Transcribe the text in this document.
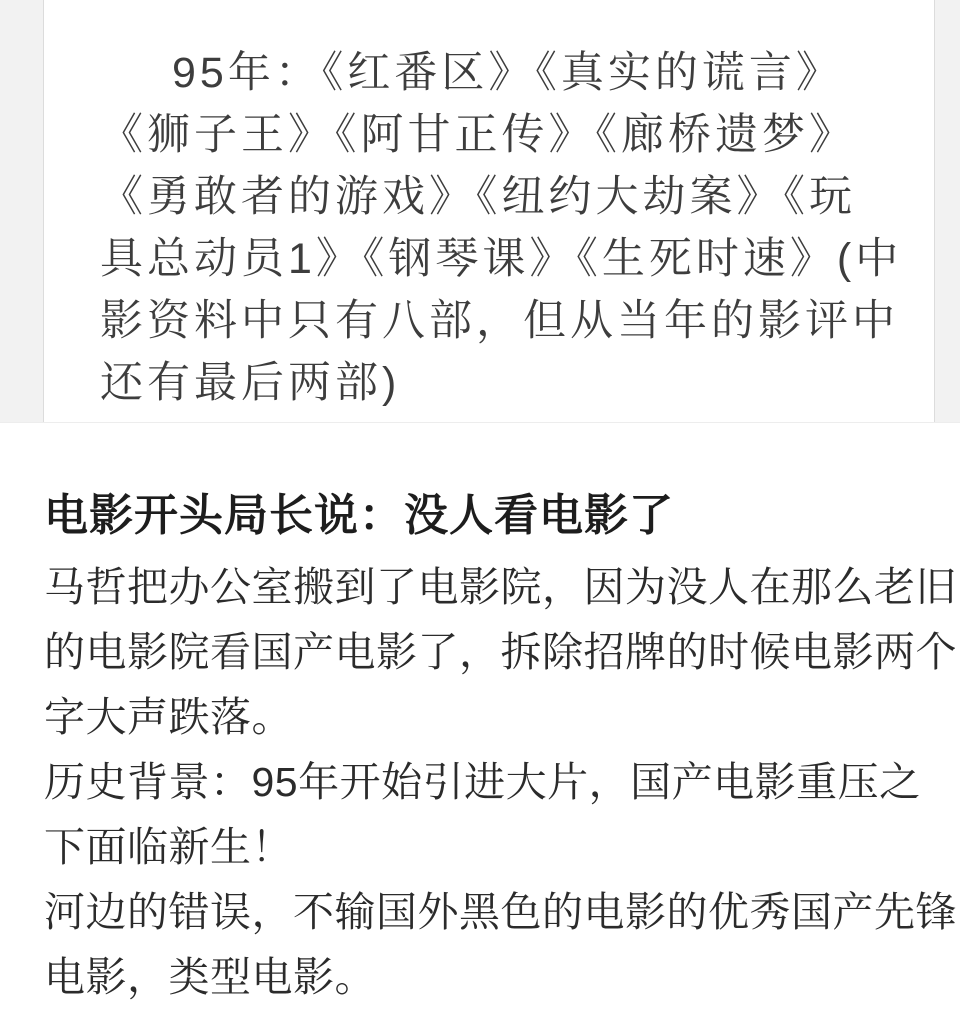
95年：《红番区》《真实的谎言》
《狮子王》《阿甘正传》《廊桥遗梦》
《勇敢者的游戏》《纽约大劫案》《玩
具总动员1》《钢琴课》《生死时速》(中
影资料中只有八部，但从当年的影评中
还有最后两部)
电影开头局长说：没人看电影了
马哲把办公室搬到了电影院，因为没人在那么老旧
的电影院看国产电影了，拆除招牌的时候电影两个
字大声跌落。
历史背景：95年开始引进大片，国产电影重压之
下面临新生！
河边的错误，不输国外黑色的电影的优秀国产先锋
电影，类型电影。
